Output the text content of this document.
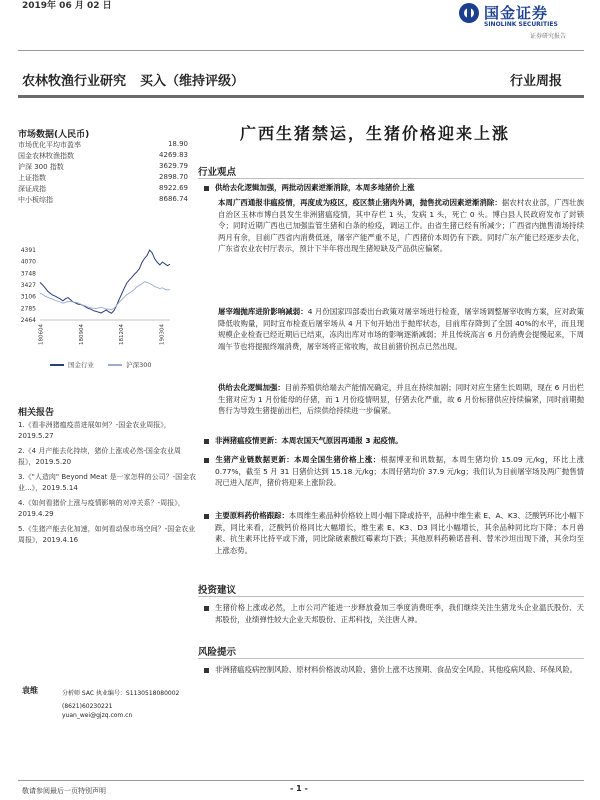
2019年 06 月 02 日	国金证券
SINOLINK SECURITIES
证券研究报告
农林牧渔行业研究 买入（维持评级）	行业周报
市场数据(人民币)
市场优化平均市盈率	18.90
国金农林牧渔指数	4269.83
沪深 300 指数	3629.79
上证指数	2898.70
深证成指	8922.69
中小板综指	8686.74
4391
4070
3748
3427
3106
2785
2464
180604	180904	181204	190304
国金行业	沪深300
相关报告
1.《看非洲猪瘟疫苗进展如何？-国金农业周报》，2019.5.27
2.《4 月产能去化持续，猪价上涨或必然-国金农业周报》，2019.5.20
3.《"人造肉" Beyond Meat 是一家怎样的公司？-国金农业...》，2019.5.14
4.《如何看猪价上涨与疫情影响的对冲关系？-周报》，2019.4.29
5.《生猪产能去化加速，如何看动保市场空间？-国金农业周报》，2019.4.16
袁维	分析师 SAC 执业编号：S1130518080002
(8621)60230221
yuan_wei@gjzq.com.cn
广西生猪禁运，生猪价格迎来上涨
行业观点
供给去化逻辑加强，两批动因素逆渐消除，本周多地猪价上涨
本周广西通报非瘟疫情，再度成为疫区，疫区禁止猪肉外调，抛售扰动因素逆渐消除：据农村农业部，广西壮族自治区玉林市博白县发生非洲猪瘟疫情，其中存栏 1 头，发病 1 头，死亡 0 头。博白县人民政府发布了封锁令；同时近期广西也已加强监管生猪和白条的检疫，调运工作。由省生猪已经有所减少；广西省内抛售清场持续两月有余，目前广西省内消费低迷，屠宰产能严重不足，广西猪价本周仍有下跌。同时广东产能已经逐步去化，广东省农业农村厅表示，预计下半年将出现生猪短缺及产品供应偏紧。
屠宰端抛库进阶影响减弱：4 月份国家四部委出台政策对屠宰场进行检查，屠宰场调整屠宰收购方案，应对政策降低收购量，同时宜布检查后屠宰场从 4 月下旬开始出于抛库状态，目前库存降到了全国 40%的水平，而且现规模企业检查已经近期后已结束，冻肉出库对市场的影响逐渐减弱；并且传统高言 6 月份消费会提慢起来，下周端午节也将提振终端消费，屠宰场将正常收购，故目前猪价拐点已然出现。
供给去化逻辑加强：目前养殖供给端去产能情况确定，并且在持续加剧；同时对应生猪生长周期，现在 6 月出栏生猪对应为 1 月份能母的仔猪，而 1 月份疫情明显，仔猪去化严重，故 6 月份标猪供应持续偏紧，同时前期抛售行为导致生猪提前出栏，后续供给持续进一步偏紧。
非洲猪瘟疫情更新：本周农国天气原因再通报 3 起疫情。
生猪产业链数据更新：本周全国生猪价格上涨：根据博亚和讯数据，本周生猪均价 15.09 元/kg，环比上涨 0.77%，截至 5 月 31 日猪价达到 15.18 元/kg；本周仔猪均价 37.9 元/kg；我们认为目前屠宰场及两广抛售情况已进入尾声，猪价将迎来上涨阶段。
主要原料药价格跟踪：本周维生素品种价格较上周小幅下降或持平，品种中维生素 E、A、K3、泛酸钙环比小幅下跌，同比来看，泛酸钙价格同比大幅增长，维生素 E、K3、D3 同比小幅增长，其余品种同比均下降；本月兽素、抗生素环比持平或下滑，同比除破素酸红霉素均下跌；其他原料药赖诺普利、替米沙坦出现下滑，其余均至上涨态势。
投资建议
生猪价格上涨或必然，上市公司产能进一步释放叠加三季度消费旺季，我们继续关注生猪龙头企业温氏股份、天邦股份，业绩弹性较大企业天邦股份、正邦科技，关注唐人神。
风险提示
非洲猪瘟疫病控制风险、原材料价格波动风险、猪价上涨不达预期、食品安全风险、其他疫病风险、环保风险。
敬请参阅最后一页特别声明	- 1 -
